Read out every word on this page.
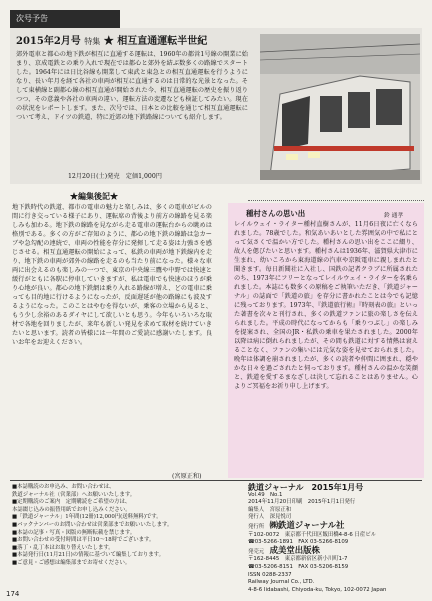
次号予告
2015年2月号 特集 ★ 相互直通運転半世紀
郊外電車と都心の地下鉄が相互に直通する運転は、1960年の都営1号線の開業に始まり、京成電鉄との乗り入れで現在では都心と郊外を結ぶ数多くの路線でスタートした。1964年には日比谷線も開業して東武と東急との相互直通運転を行うようになり、長い年月を経て各社の車両が相互に直通するのは日常的な光景となった。そして東横線と副都心線の相互直通が開始された今、相互直通運転の歴史を振り返りつつ、その意義や各社の車両の違い、運転方法の変遷なども検証してみたい。現在の状況をレポートします。また、次号では、日本との比較を通じて相互直通運転について考え、ドイツの鉄道、特に近郊の地下鉄路線についても紹介します。
12月20日(土)発売　定価1,000円
★編集後記★
地下鉄時代の鉄道、都市の電車の魅力と楽しみは、多くの電車がビルの間に行き交っている様子にあり、運転席の背後より前方の線路を見る楽しみも加わる。地下鉄の線路を見ながら走る電車の運転台からの眺めは格別である。多くの方がご存知のように、都心の地下鉄の線路は急カーブや急勾配の連続で、車両の性能を存分に発揮して走る姿は力強さを感じさせる。相互直通運転の開始によって、私鉄の車両が地下鉄線内を走り、地下鉄の車両が郊外の線路を走るのも当たり前になった。様々な車両に出会えるのも楽しみの一つで、東京の中央線三鷹や中野では快速と緩行がともに各駅に停車していきますが、私は電車でも快速のほうが乗り心地が良い。都心の地下鉄網は乗り入れる路線が増え、どの電車に乗っても目的地に行けるようになったが、反面遅延が他の路線にも波及するようになった。このことはやむを得ないが、乗客の立場から見ると、もう少し余裕のあるダイヤにして欲しいとも思う。今年もいろいろな取材で各地を回りましたが、来年も新しい発見を求めて取材を続けていきたいと思います。読者の皆様には一年間のご愛読に感謝いたします。良いお年をお迎えください。
(宮原正和)
種村さんの思い出	鈴 通孝
レイルウェイ・ライター種村直樹さんが、11月6日夜に亡くなられました。78歳でした。和気あいあいとした雰囲気の中で私にとって気さくで温かい方でした。種村さんの思い出をここに綴り、故人を偲びたいと思います。種村さんは1936年、滋賀県大津市に生まれ、幼いころから東海道線の汽車や京阪電車に親しまれたと聞きます。毎日新聞社に入社し、国鉄の記者クラブに所属されたのち、1973年にフリーとなってレイルウェイ・ライターを名乗られました。本誌にも数多くの原稿をご執筆いただき、「鉄道ジャーナル」の誌面で「鉄道の旅」を存分に書かれたことは今でも記憶に残っております。1973年、『鉄道旅行術』『時刻表の旅』といった著書を次々と刊行され、多くの鉄道ファンに旅の楽しさを伝えられました。平成の時代になってからも「乗りつぶし」の楽しみを提案され、全国のJR・私鉄の乗車を果たされました。2000年以降は病に倒れられましたが、その間も鉄道に対する情熱は衰えることなく、ファンの集いには元気な姿を見せておられました。晩年は体調を崩されましたが、多くの読者や仲間に囲まれ、穏やかな日々を過ごされたと伺っております。種村さんの温かな笑顔と、鉄道を愛するまなざしは決して忘れることはありません。心よりご冥福をお祈り申し上げます。
■本誌購読のお申込み、お問い合わせは、
鉄道ジャーナル社（営業部）へお願いいたします。
■定期購読のご案内　定期購読をご希望の方は、
本誌綴じ込みの振替用紙でお申し込みください。
■「鉄道ジャーナル」1年間(12冊)12,000円(送料無料)です。
■バックナンバーのお問い合わせは営業部までお願いいたします。
■本誌の記事・写真・図版の無断転載を禁じます。
■お問い合わせの受付時間は平日10〜18時でございます。
■落丁・乱丁本はお取り替えいたします。
■本誌発行日(11月21日)の情報に基づいて編集しております。
■ご意見・ご感想は編集部までお寄せください。
鉄道ジャーナル　2015年1月号
Vol.49　No.1
2014年11月20日印刷　2015年1月1日発行
編集人　宮原正和
発行人　深見悦司
発行所　 ㈱鉄道ジャーナル社
〒102-0072　東京都千代田区飯田橋4-8-6 日産ビル
☎03-5266-1891　FAX 03-5266-8109
発売元　 成美堂出版株
〒162-8445　東京都新宿区新小川町1-7
☎03-5206-8151　FAX 03-5206-8159
ISSN 0288-2337
Railway Journal Co., LTD.
4-8-6 Iidabashi, Chiyoda-ku, Tokyo, 102-0072 Japan
174
